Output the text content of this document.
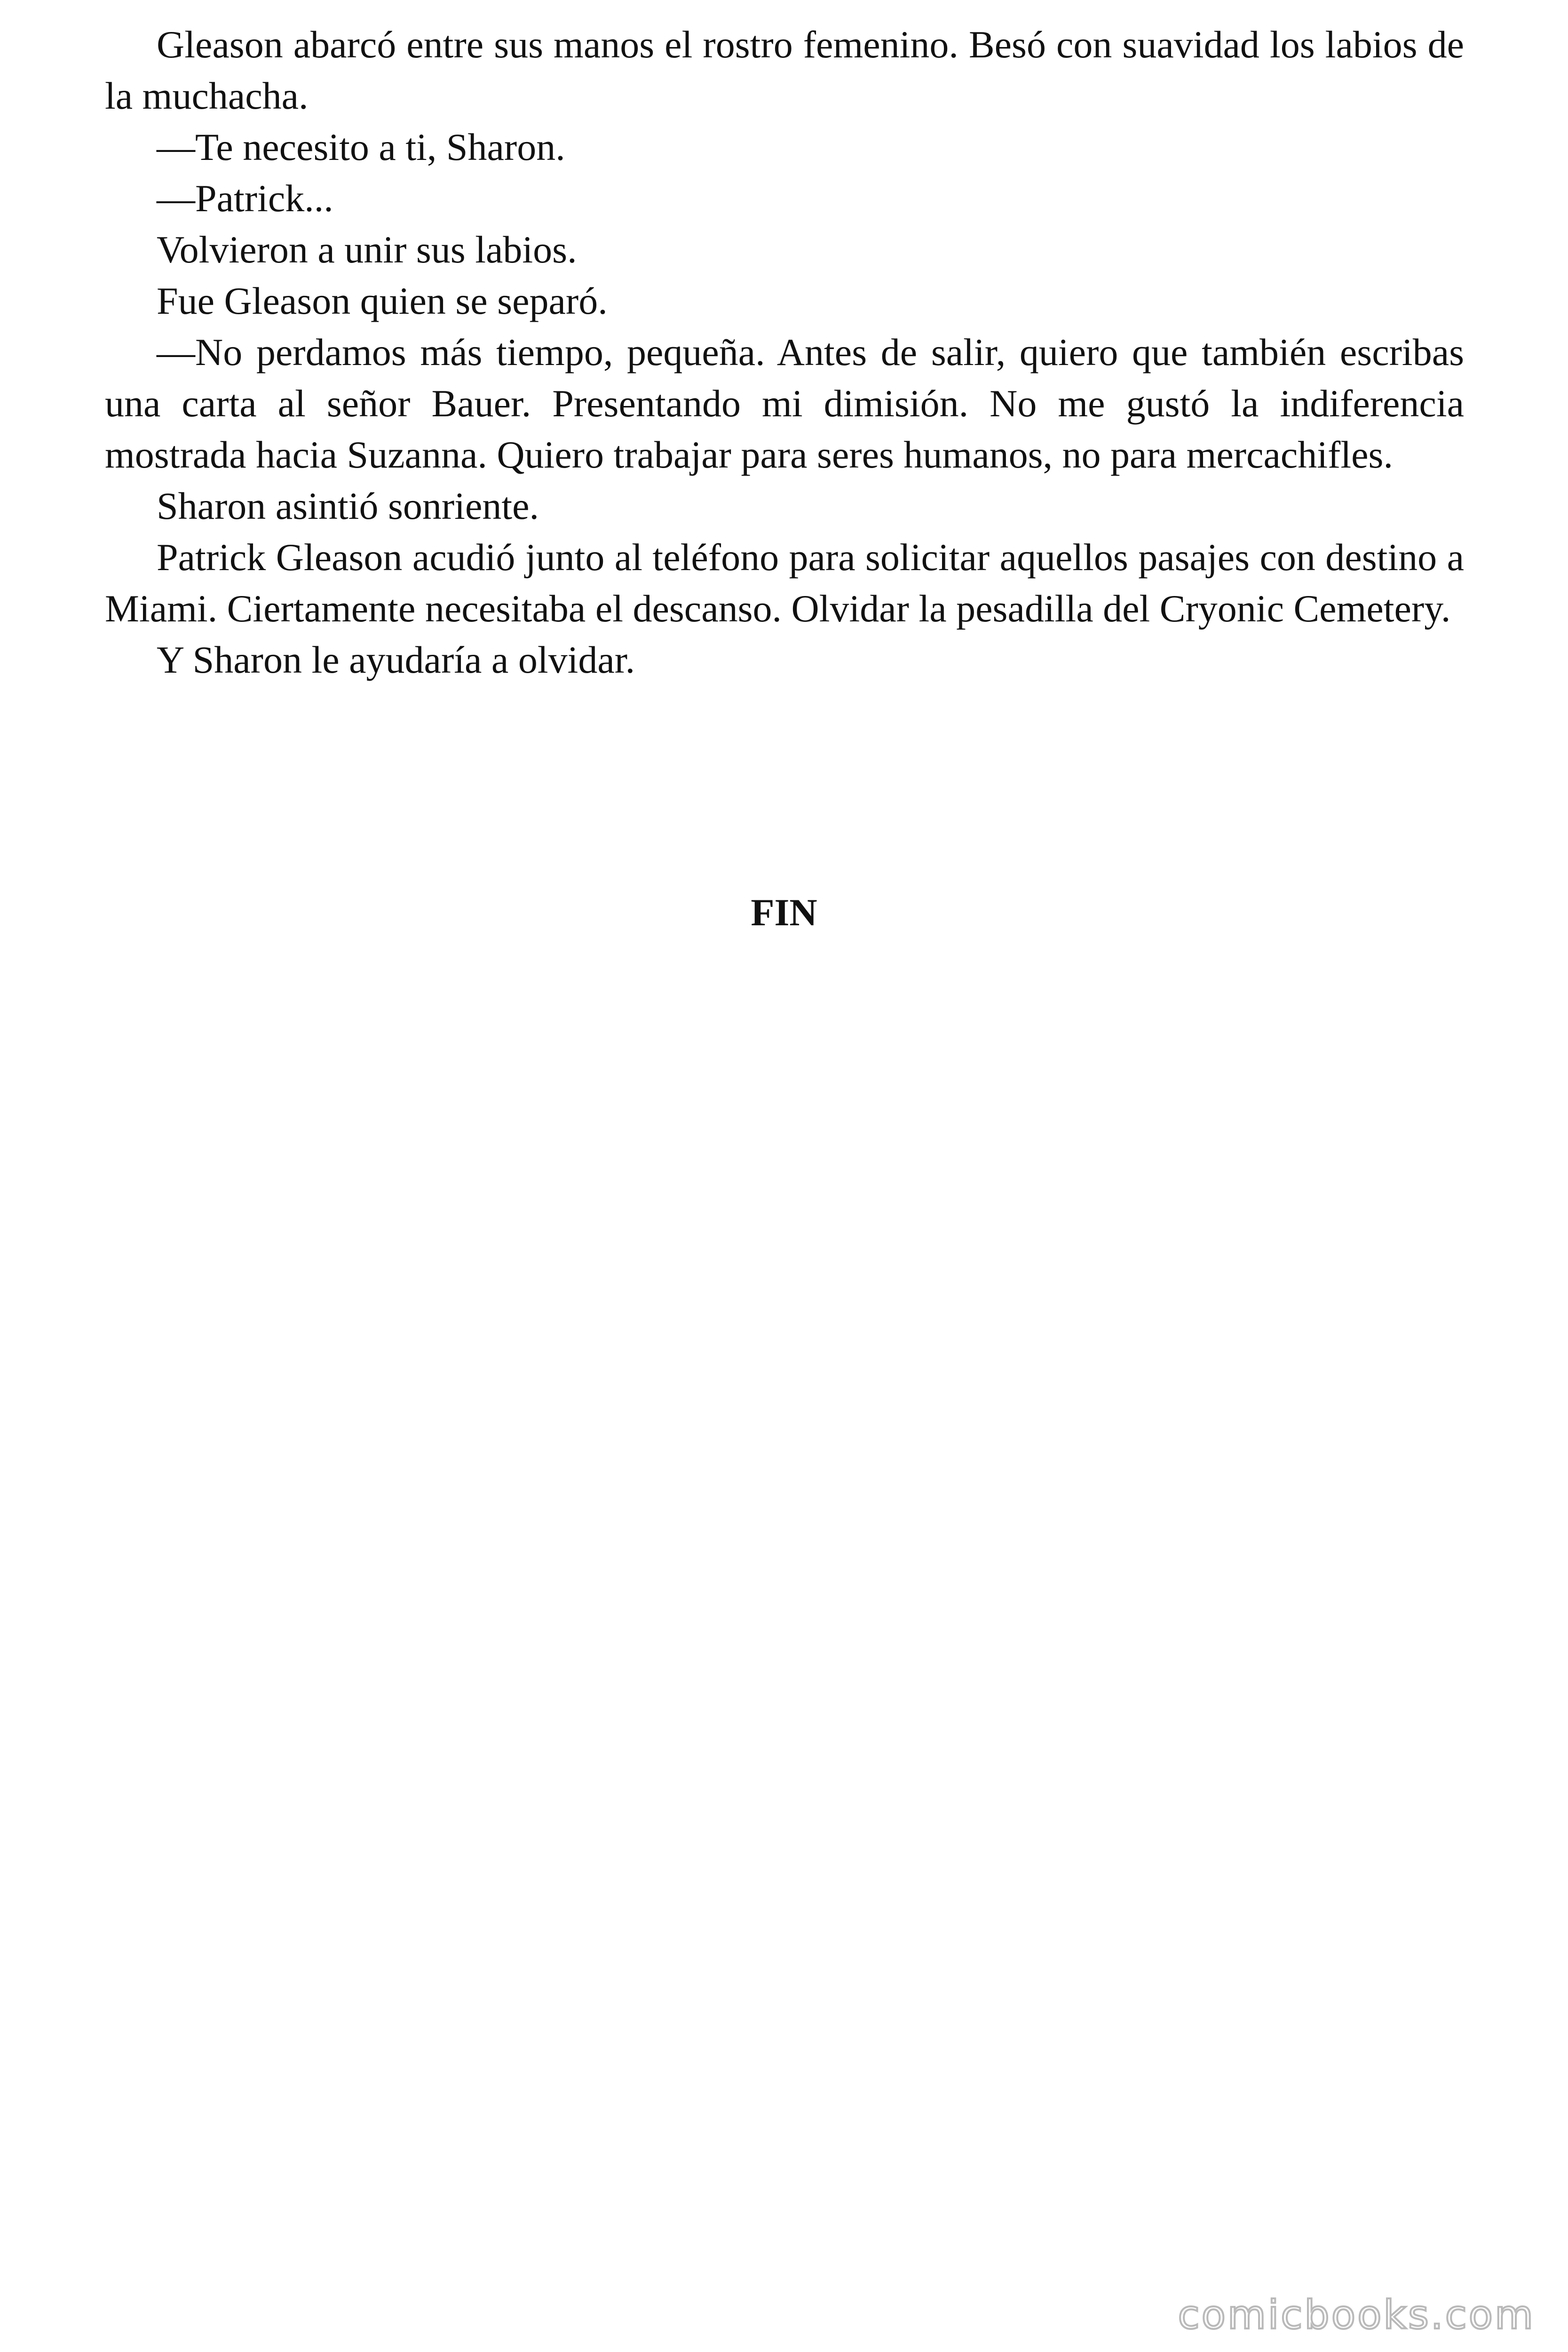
Gleason abarcó entre sus manos el rostro femenino. Besó con suavidad los labios de la muchacha.

—Te necesito a ti, Sharon.

—Patrick...

Volvieron a unir sus labios.

Fue Gleason quien se separó.

—No perdamos más tiempo, pequeña. Antes de salir, quiero que también escribas una carta al señor Bauer. Presentando mi dimisión. No me gustó la indiferencia mostrada hacia Suzanna. Quiero trabajar para seres humanos, no para mercachifles.

Sharon asintió sonriente.

Patrick Gleason acudió junto al teléfono para solicitar aquellos pasajes con destino a Miami. Ciertamente necesitaba el descanso. Olvidar la pesadilla del Cryonic Cemetery.

Y Sharon le ayudaría a olvidar.

FIN
comicbooks.com
